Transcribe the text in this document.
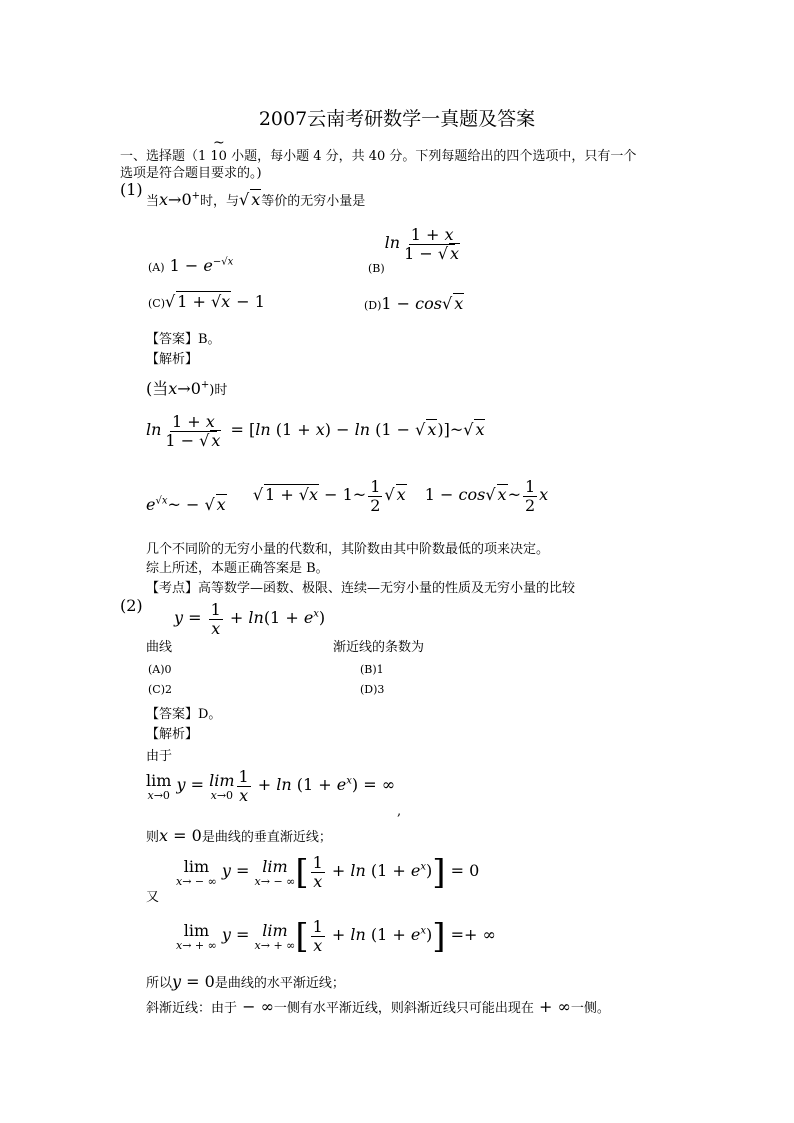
2007云南考研数学一真题及答案
~
一、选择题（1 10 小题，每小题 4 分，共 40 分。下列每题给出的四个选项中，只有一个
选项是符合题目要求的。)
(1)
当x→0+时，与√ x等价的无穷小量是
(A) $1 - e^{-√x}$	$_{(B)}\ln \frac{1 + x}{1 - √ x}$
(C)√ 1 + √x − 1	(D)1 − cos√ x
【答案】B。
【解析】
(当x→0+)时
$\ln \frac{1 + x}{1 - √ x} = [\ln$ (1 + x) − ln (1 − √ x)]~√ x
$e^{√x}\sim$ − √ x √ 1 + √x − 1~ $\frac{1}{2}$ √ x 1 − cos√ x~ $\frac{1}{2}$ x
几个不同阶的无穷小量的代数和，其阶数由其中阶数最低的项来决定。
综上所述，本题正确答案是 B。
【考点】高等数学—函数、极限、连续—无穷小量的性质及无穷小量的比较
(2)
$y = \frac{1}{x}$ + ln⁡(1 + $e^x$)
曲线	渐近线的条数为
(A)0	(B)1
(C)2	(D)3
【答案】D。
【解析】
由于
lim
x→0
y = lim
$x\to 0 \frac{1}{x} + \ln (1 + e^x)$ = ∞
,
则x = 0是曲线的垂直渐近线；
又
lim
x→ − ∞
y = lim
x→ − ∞ [ $\frac{1}{x} + \ln (1 + e^x)] = 0$
lim
x→ + ∞
y = lim
x→ + ∞ [ $\frac{1}{x} + \ln (1 + e^x)$] =+ ∞
所以y = 0是曲线的水平渐近线；
斜渐近线：由于 − ∞一侧有水平渐近线，则斜渐近线只可能出现在 + ∞一侧。
